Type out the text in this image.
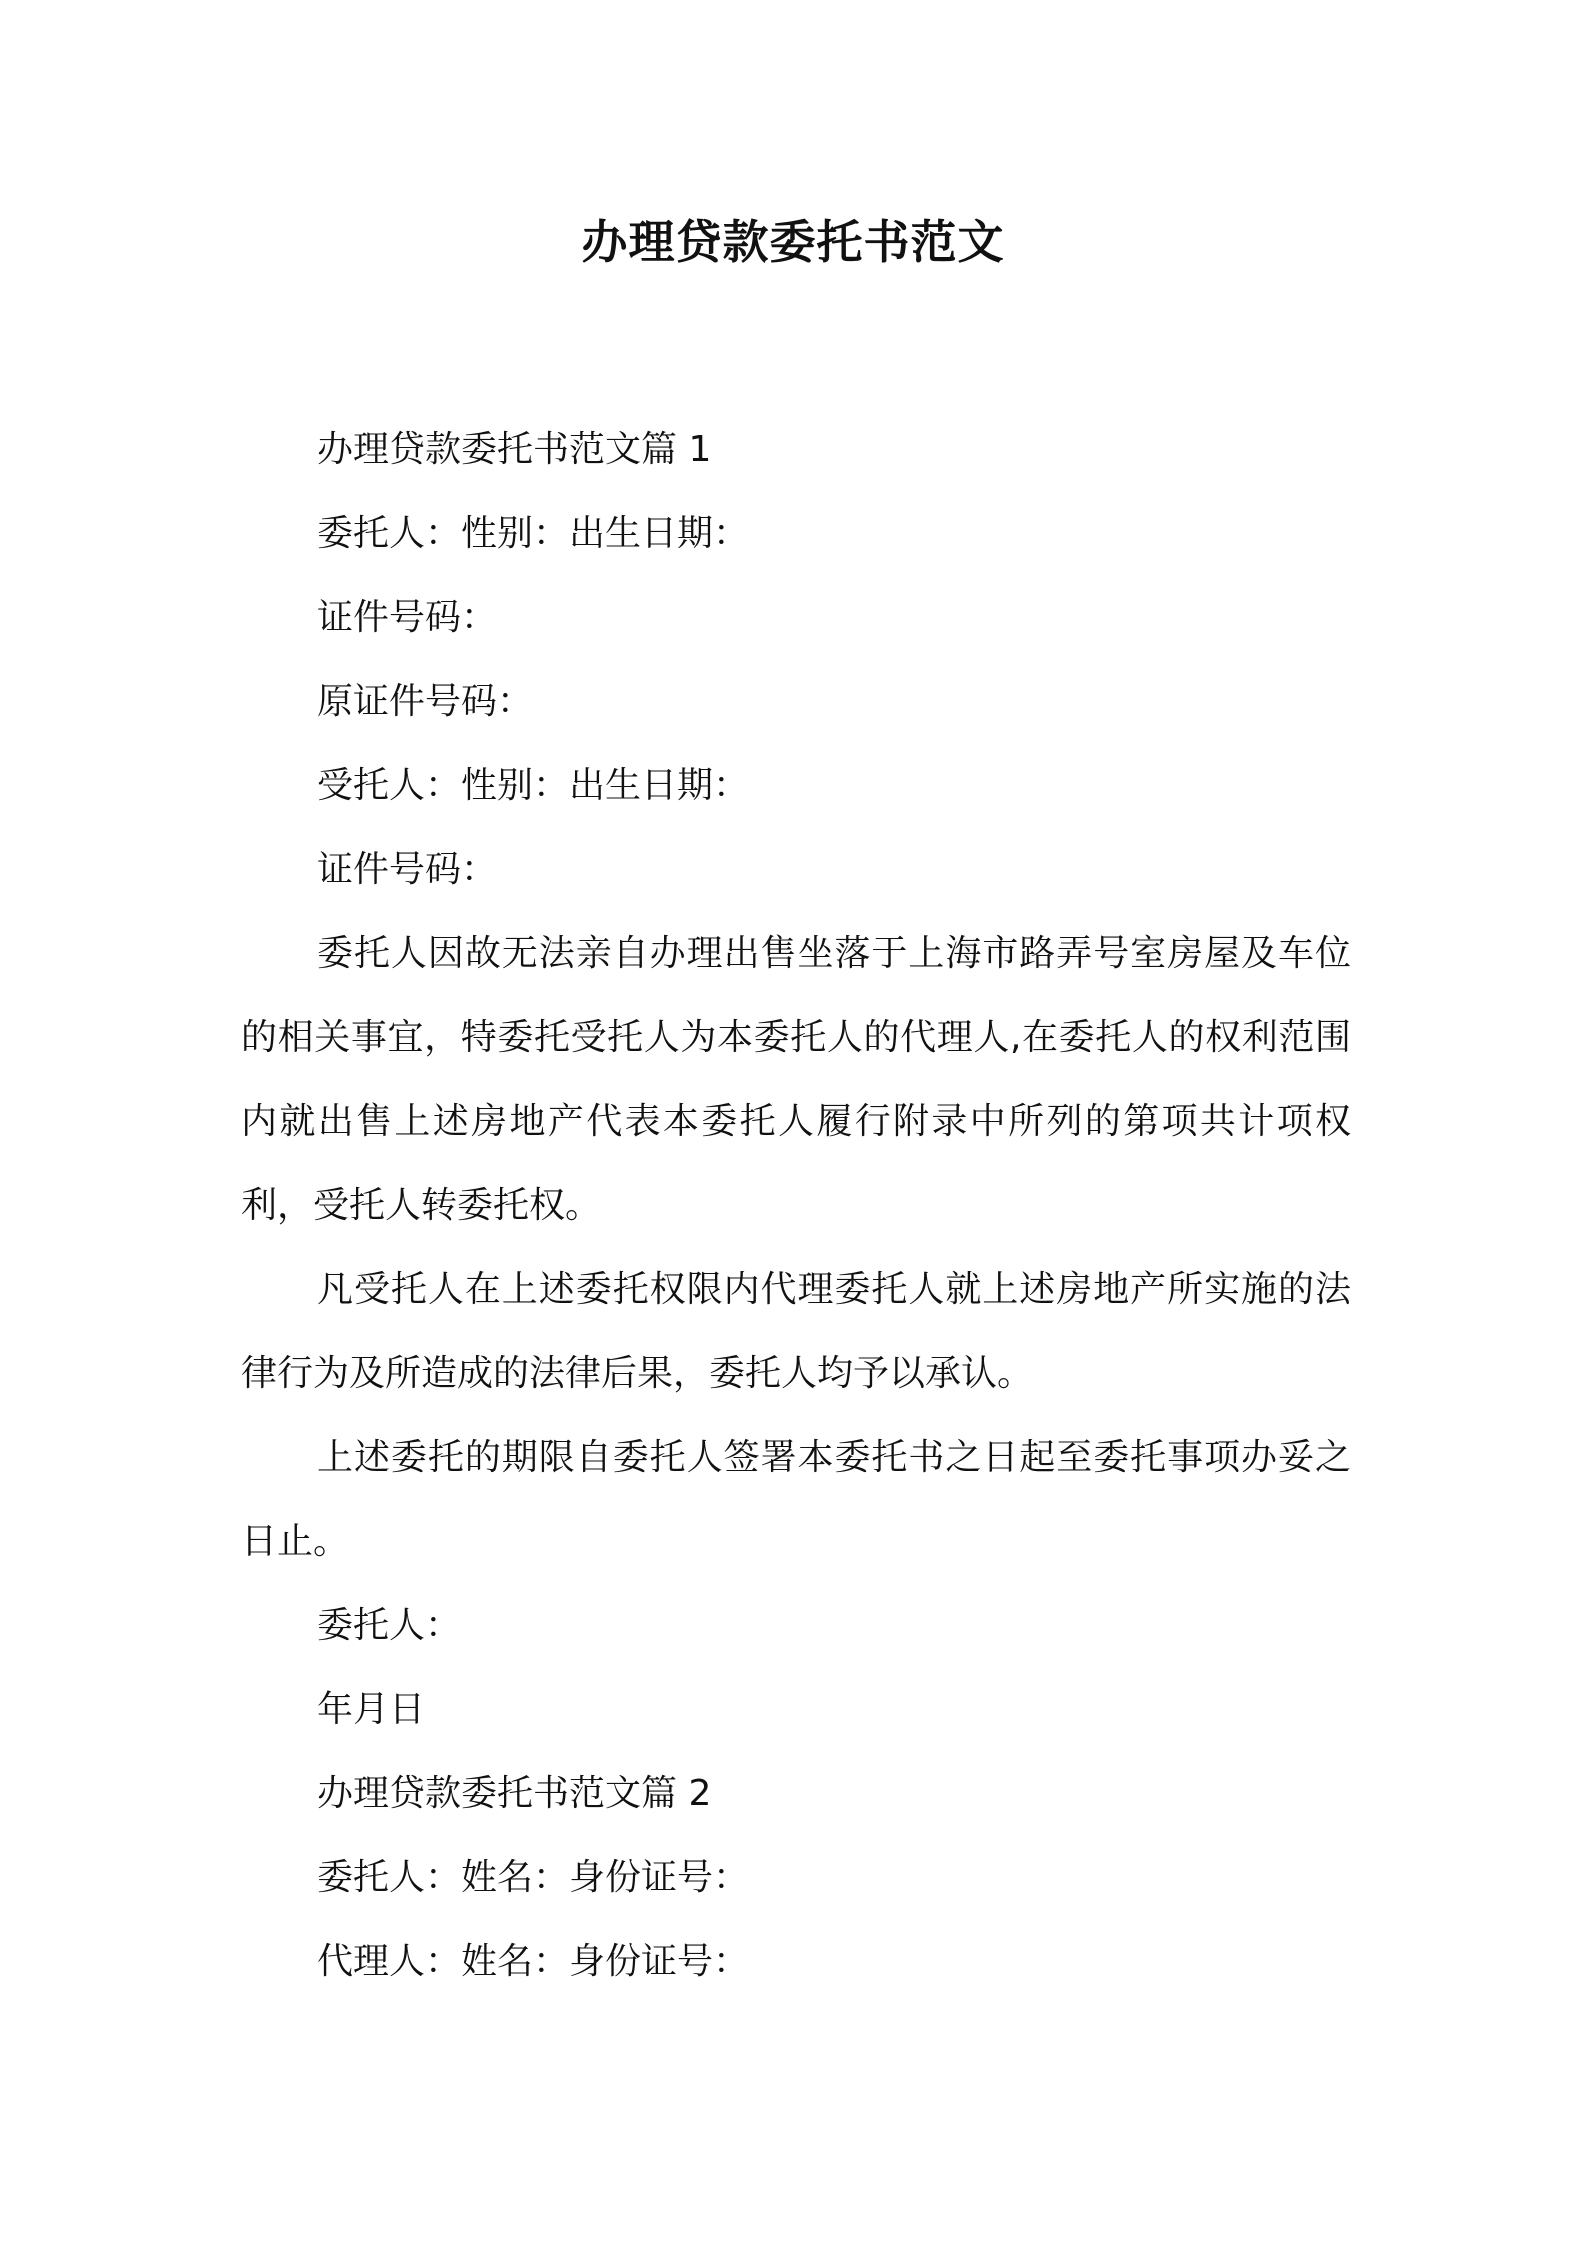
办理贷款委托书范文

办理贷款委托书范文篇 1

委托人：性别：出生日期：

证件号码：

原证件号码：

受托人：性别：出生日期：

证件号码：

委托人因故无法亲自办理出售坐落于上海市路弄号室房屋及车位的相关事宜，特委托受托人为本委托人的代理人,在委托人的权利范围内就出售上述房地产代表本委托人履行附录中所列的第项共计项权利，受托人转委托权。

凡受托人在上述委托权限内代理委托人就上述房地产所实施的法律行为及所造成的法律后果，委托人均予以承认。

上述委托的期限自委托人签署本委托书之日起至委托事项办妥之日止。

委托人：

年月日

办理贷款委托书范文篇 2

委托人：姓名：身份证号：

代理人：姓名：身份证号：
